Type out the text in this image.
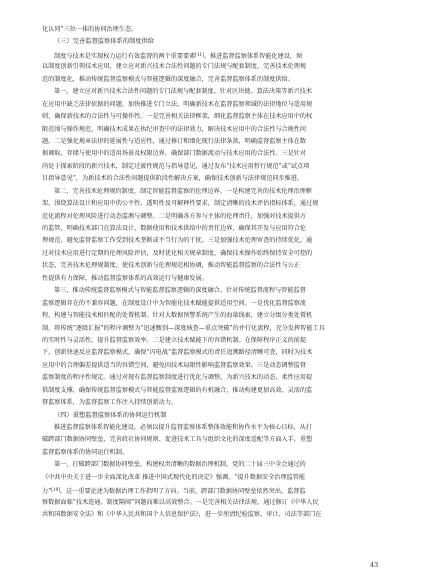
化认同”三位一体的协同治理生态。
（三）完善监督监察体系的制度供给
制度与技术是实现权力运行有效监督的两个重要要素[11]。推进监督监察体系智能化建设，须
以制度创新引领技术应用、建立应对新兴技术合法性问题的专门法规与配套制度、完善技术伦理规
范的制度化，推动传统监督监察模式与智能逻辑的深度融合，完善监督监察体系的制度供给。
第一，建立应对新兴技术合法性问题的专门法规与配套制度。针对区块链、算法决策等新兴技术
在应用中缺乏法律依据的问题，加快推进专门立法，明确新技术在监督监察领域的法律地位与适用规
则，确保新技术的合法性与可操作性。一是完善相关法律框架，细化监督监察主体在技术应用中的权
限范围与操作规范，明确技术成果在执纪审查中的法律效力，解决技术应用中的合法性与合规性问
题。二是强化规章法律的延展性与适应性，通过修订和细化现行法律条款，明确监督监察主体在数
据调取、存储与使用中的适用场景及权限边界，确保部门数据流动与技术应用的合法性。三是针对
尚处于探索阶段的新兴技术，制定过渡性规范与指导意见，通过发布“技术应用暂行规范”或“试点项
目指导意见”，为新技术的合法性问题提供阶段性解决方案，确保技术创新与法律规范同步推进。
第二，完善技术伦理规约制度，制定智能监督监察的伦理边界。一是构建完善的技术伦理治理框
架，围绕算法设计和应用中的公平性、透明性及可解释性要求，制定清晰的技术评估指标体系，通过规
范化流程对伦理风险进行动态监测与调整。二是明确各方参与主体的伦理责任，加强对技术提供方
的监管，明确技术部门在算法设计、数据使用和技术供给中的责任边界，确保其开发与应用符合伦
理规范，避免监督监察工作受到技术垄断或不当行为的干扰。三是加强技术伦理审查的持续优化，通
过对技术应用进行定期的伦理风险评估，及时优化相关规章制度，确保技术操作始终保持安全可控的
状态，完善技术伦理规制度，使技术创新与伦理规范相协调，推动智能监督监察的合法性与公正
性提供有力保障，推动监督监察体系的高效运行与健康发展。
第三，推动传统监督监察模式与智能监督监察逻辑的深度融合。针对传统监督流程与智能监督
监察逻辑存在的不兼容问题，在制度设计中为智能化技术赋能提供适用空间。一是优化监督监察流
程，构建与智能技术相匹配的处置机制。针对大数据预警系统产生的海量线索，建立分级分类处置机
制，将传统“逐级汇报”的程序调整为“迅速甄别—深度核查—重点突破”的并行化流程，充分发挥智能工具
的实时性与灵活性，提升监督监察效率。二是建立技术赋能下的容错机制。在保障程序正义的前提
下，创新快速反应监督监察模式，确保“闪电战”监督监察模式的责任追溯路径清晰可查，同时为技术
应用中的合理偏差提供适当的容错空间，避免因技术局限性影响监督监察效果。三是动态调整监督
监察制度的程序性规定。通过对现有监督监察制度进行优化与调整，为新兴技术的动态、柔性应用提
供制度支撑，确保传统监督监察模式与智能监督监察逻辑的有机融合，推动构建更加高效、灵活的监
督监察体系，为监督监察工作注入持续创新动力。
（四）重塑监督监察体系的协同运行机制
推进监督监察体系智能化建设，必须以提升监督监察体系整体效能和协作水平为核心目标，从打
破跨部门数据协同壁垒、完善政社协同规则、促进技术工具与组织文化的深度适配等方面入手，重塑
监督监察体系的协同运行机制。
第一，打破跨部门数据协同壁垒，构建权责清晰的数据治理机制。党的二十届三中全会通过的
《中共中央关于进一步全面深化改革 推进中国式现代化的决定》强调，“提升数据安全治理监管能
力”[19]。这一重要论述为数据治理工作指明了方向。当前，跨部门数据协同壁垒依然突出，监督监
察数据面临“技术连通、制度隔阂”问题而难以高效整合。一是完善相关法律法规，通过修订《中华人民
共和国数据安全法》和《中华人民共和国个人信息保护法》，进一步厘清纪检监察、审计、司法等部门在
43
